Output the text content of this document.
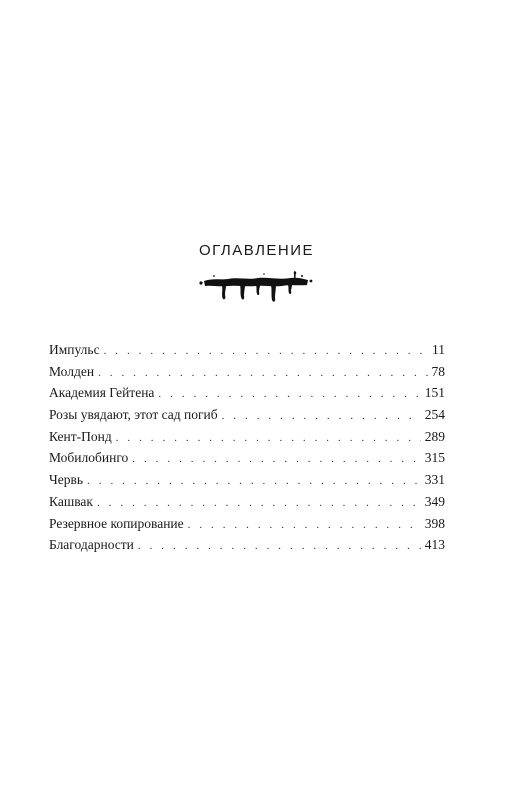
ОГЛАВЛЕНИЕ
Импульс . . .	11
Молден . . .	78
Академия Гейтена . . .	151
Розы увядают, этот сад погиб . . .	254
Кент-Понд . . .	289
Мобилобинго . . .	315
Червь . . .	331
Кашвак . . .	349
Резервное копирование . . .	398
Благодарности . . .	413
